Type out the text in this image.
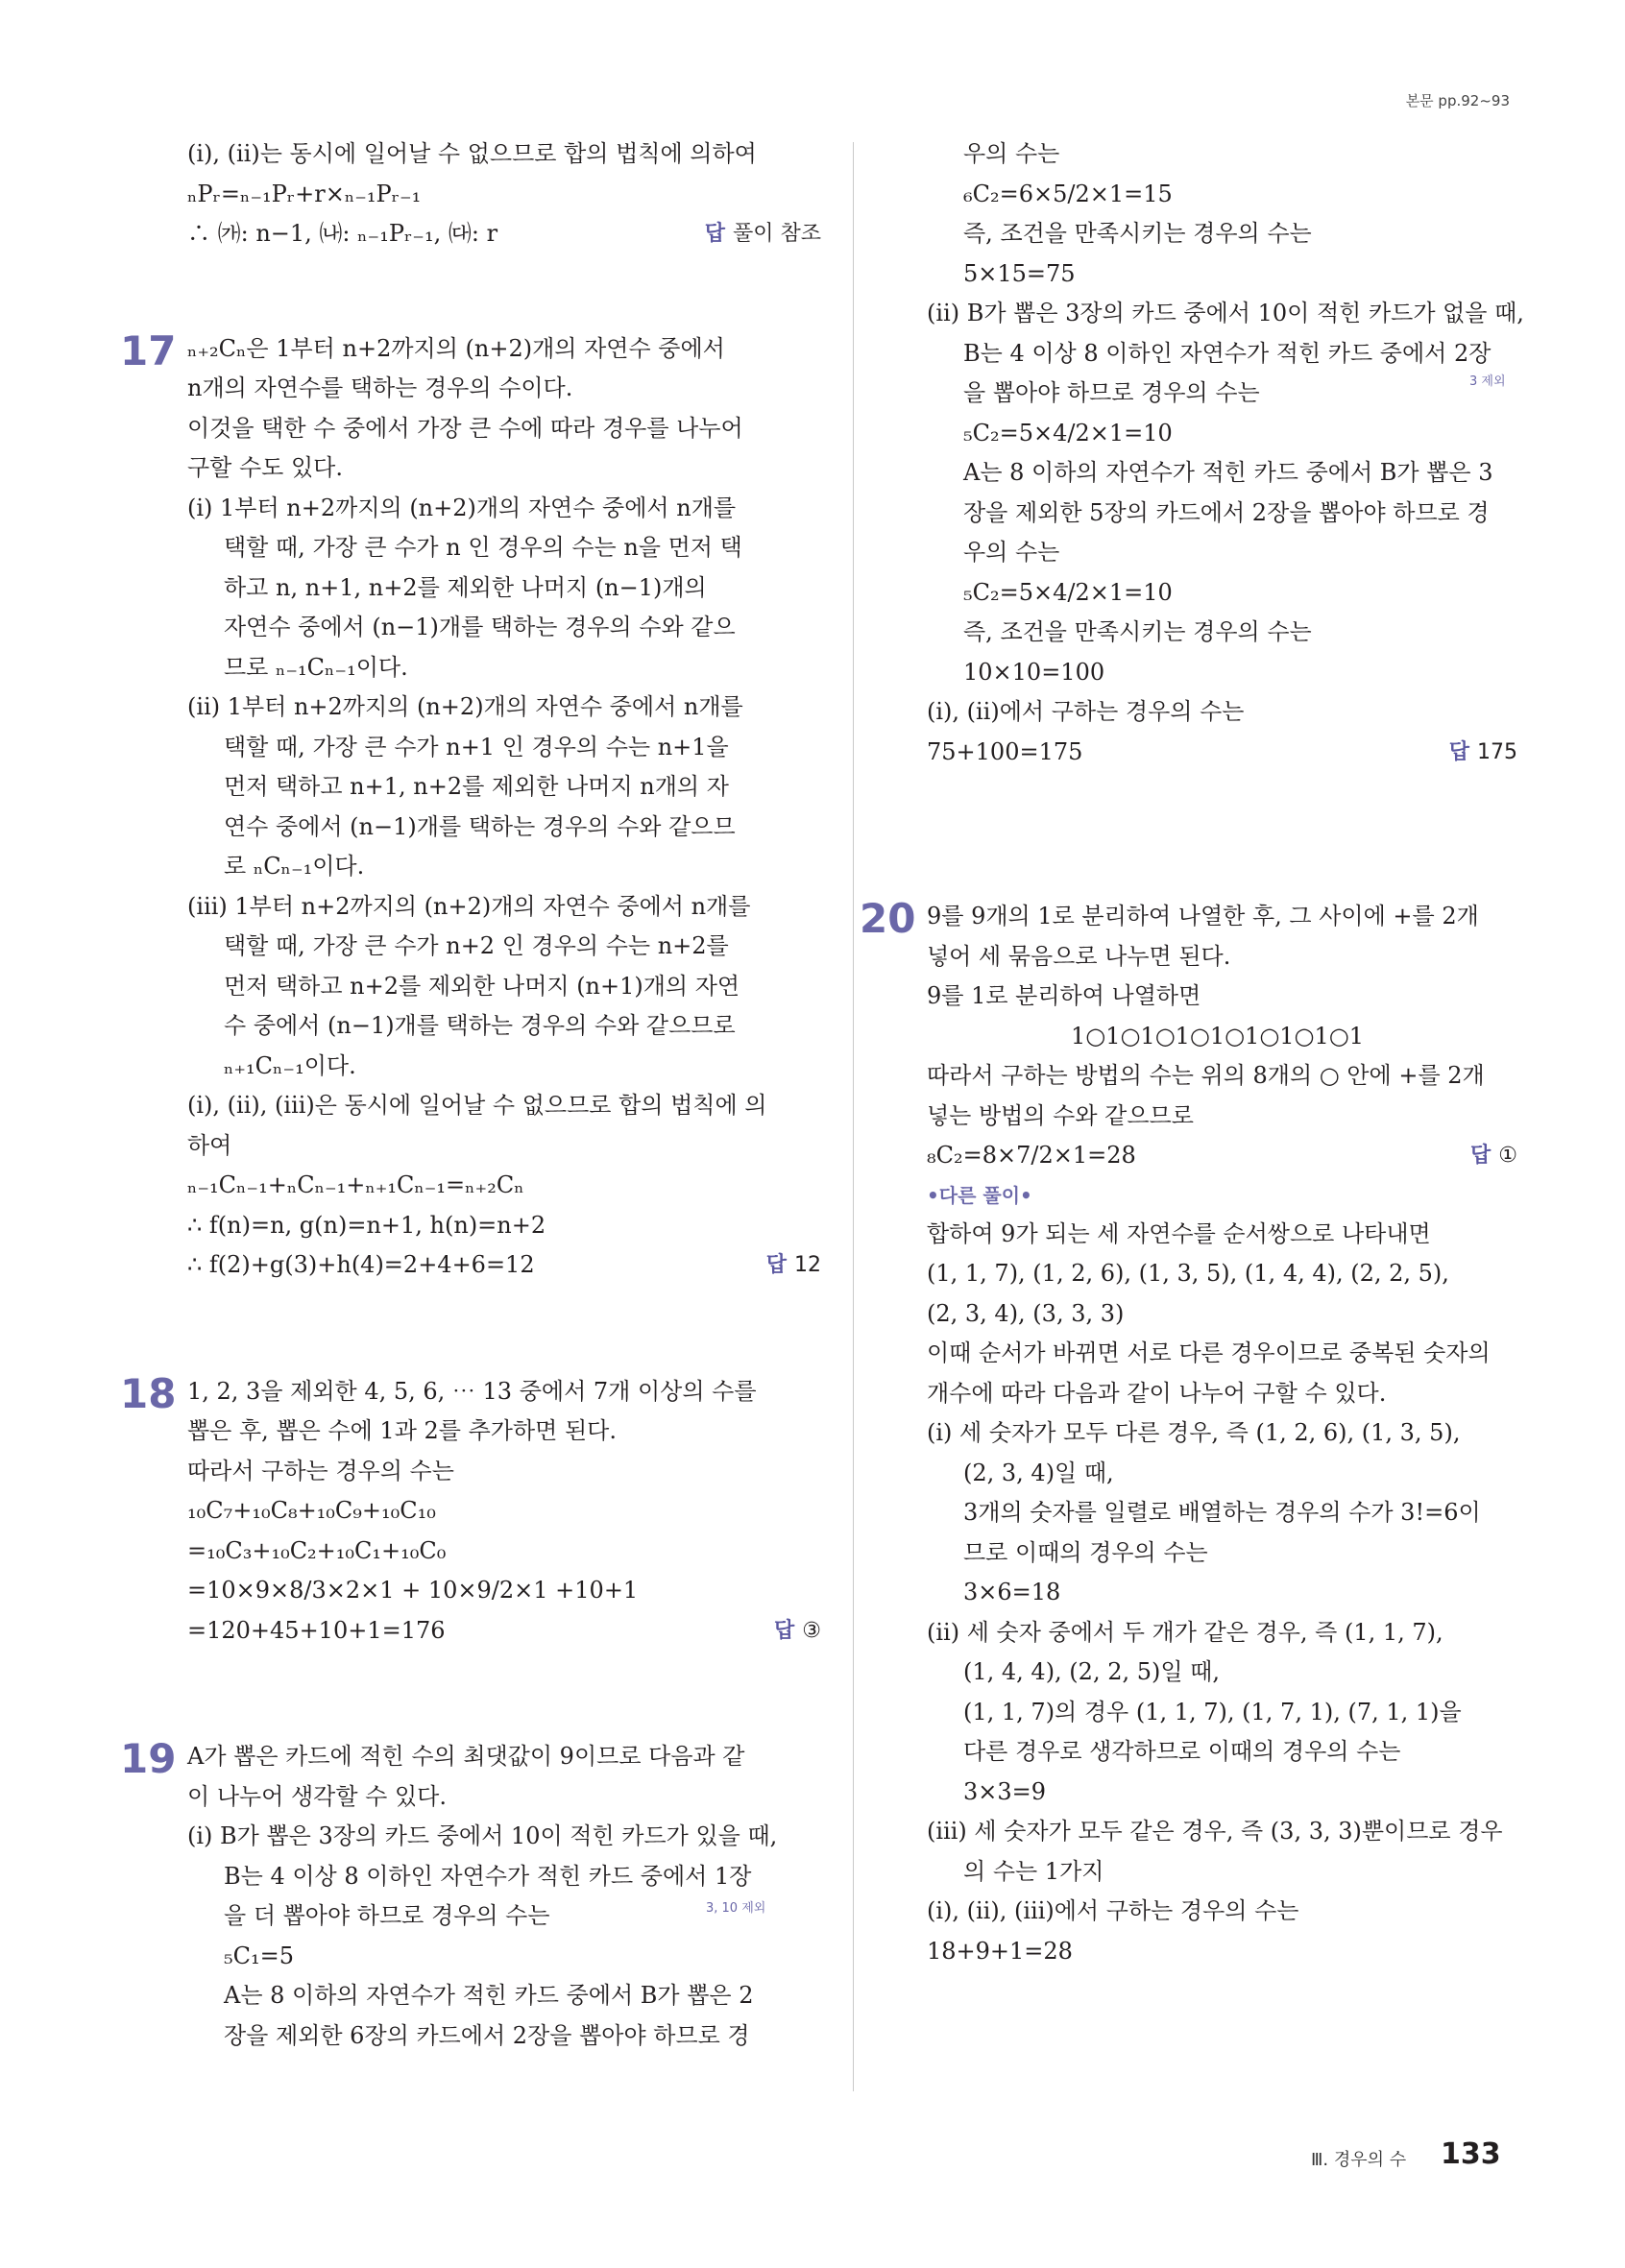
본문 pp.92~93
(ⅰ), (ⅱ)는 동시에 일어날 수 없으므로 합의 법칙에 의하여
ₙPᵣ=ₙ₋₁Pᵣ+r×ₙ₋₁Pᵣ₋₁
∴ ㈎: n−1, ㈏: ₙ₋₁Pᵣ₋₁, ㈐: r	답 풀이 참조
17 ₙ₊₂Cₙ은 1부터 n+2까지의 (n+2)개의 자연수 중에서
n개의 자연수를 택하는 경우의 수이다.
이것을 택한 수 중에서 가장 큰 수에 따라 경우를 나누어
구할 수도 있다.
(ⅰ) 1부터 n+2까지의 (n+2)개의 자연수 중에서 n개를
택할 때, 가장 큰 수가 n 인 경우의 수는 n을 먼저 택
하고 n, n+1, n+2를 제외한 나머지 (n−1)개의
자연수 중에서 (n−1)개를 택하는 경우의 수와 같으
므로 ₙ₋₁Cₙ₋₁이다.
(ⅱ) 1부터 n+2까지의 (n+2)개의 자연수 중에서 n개를
택할 때, 가장 큰 수가 n+1 인 경우의 수는 n+1을
먼저 택하고 n+1, n+2를 제외한 나머지 n개의 자
연수 중에서 (n−1)개를 택하는 경우의 수와 같으므
로 ₙCₙ₋₁이다.
(ⅲ) 1부터 n+2까지의 (n+2)개의 자연수 중에서 n개를
택할 때, 가장 큰 수가 n+2 인 경우의 수는 n+2를
먼저 택하고 n+2를 제외한 나머지 (n+1)개의 자연
수 중에서 (n−1)개를 택하는 경우의 수와 같으므로
ₙ₊₁Cₙ₋₁이다.
(ⅰ), (ⅱ), (ⅲ)은 동시에 일어날 수 없으므로 합의 법칙에 의
하여
ₙ₋₁Cₙ₋₁+ₙCₙ₋₁+ₙ₊₁Cₙ₋₁=ₙ₊₂Cₙ
∴ f(n)=n, g(n)=n+1, h(n)=n+2
∴ f(2)+g(3)+h(4)=2+4+6=12	답 12
18 1, 2, 3을 제외한 4, 5, 6, ⋯ 13 중에서 7개 이상의 수를
뽑은 후, 뽑은 수에 1과 2를 추가하면 된다.
따라서 구하는 경우의 수는
₁₀C₇+₁₀C₈+₁₀C₉+₁₀C₁₀
=₁₀C₃+₁₀C₂+₁₀C₁+₁₀C₀
=10×9×8/3×2×1 + 10×9/2×1 +10+1
=120+45+10+1=176	답 ③
19 A가 뽑은 카드에 적힌 수의 최댓값이 9이므로 다음과 같
이 나누어 생각할 수 있다.
(ⅰ) B가 뽑은 3장의 카드 중에서 10이 적힌 카드가 있을 때,
B는 4 이상 8 이하인 자연수가 적힌 카드 중에서 1장
을 더 뽑아야 하므로 경우의 수는	3, 10 제외
₅C₁=5
A는 8 이하의 자연수가 적힌 카드 중에서 B가 뽑은 2
장을 제외한 6장의 카드에서 2장을 뽑아야 하므로 경
우의 수는
₆C₂=6×5/2×1=15
즉, 조건을 만족시키는 경우의 수는
5×15=75
(ⅱ) B가 뽑은 3장의 카드 중에서 10이 적힌 카드가 없을 때,
B는 4 이상 8 이하인 자연수가 적힌 카드 중에서 2장
을 뽑아야 하므로 경우의 수는	3 제외
₅C₂=5×4/2×1=10
A는 8 이하의 자연수가 적힌 카드 중에서 B가 뽑은 3
장을 제외한 5장의 카드에서 2장을 뽑아야 하므로 경
우의 수는
₅C₂=5×4/2×1=10
즉, 조건을 만족시키는 경우의 수는
10×10=100
(ⅰ), (ⅱ)에서 구하는 경우의 수는
75+100=175	답 175
20 9를 9개의 1로 분리하여 나열한 후, 그 사이에 +를 2개
넣어 세 묶음으로 나누면 된다.
9를 1로 분리하여 나열하면
1○1○1○1○1○1○1○1○1
따라서 구하는 방법의 수는 위의 8개의 ○ 안에 +를 2개
넣는 방법의 수와 같으므로
₈C₂=8×7/2×1=28	답 ①
•다른 풀이•
합하여 9가 되는 세 자연수를 순서쌍으로 나타내면
(1, 1, 7), (1, 2, 6), (1, 3, 5), (1, 4, 4), (2, 2, 5),
(2, 3, 4), (3, 3, 3)
이때 순서가 바뀌면 서로 다른 경우이므로 중복된 숫자의
개수에 따라 다음과 같이 나누어 구할 수 있다.
(ⅰ) 세 숫자가 모두 다른 경우, 즉 (1, 2, 6), (1, 3, 5),
(2, 3, 4)일 때,
3개의 숫자를 일렬로 배열하는 경우의 수가 3!=6이
므로 이때의 경우의 수는
3×6=18
(ⅱ) 세 숫자 중에서 두 개가 같은 경우, 즉 (1, 1, 7),
(1, 4, 4), (2, 2, 5)일 때,
(1, 1, 7)의 경우 (1, 1, 7), (1, 7, 1), (7, 1, 1)을
다른 경우로 생각하므로 이때의 경우의 수는
3×3=9
(ⅲ) 세 숫자가 모두 같은 경우, 즉 (3, 3, 3)뿐이므로 경우
의 수는 1가지
(ⅰ), (ⅱ), (ⅲ)에서 구하는 경우의 수는
18+9+1=28
Ⅲ. 경우의 수 133
